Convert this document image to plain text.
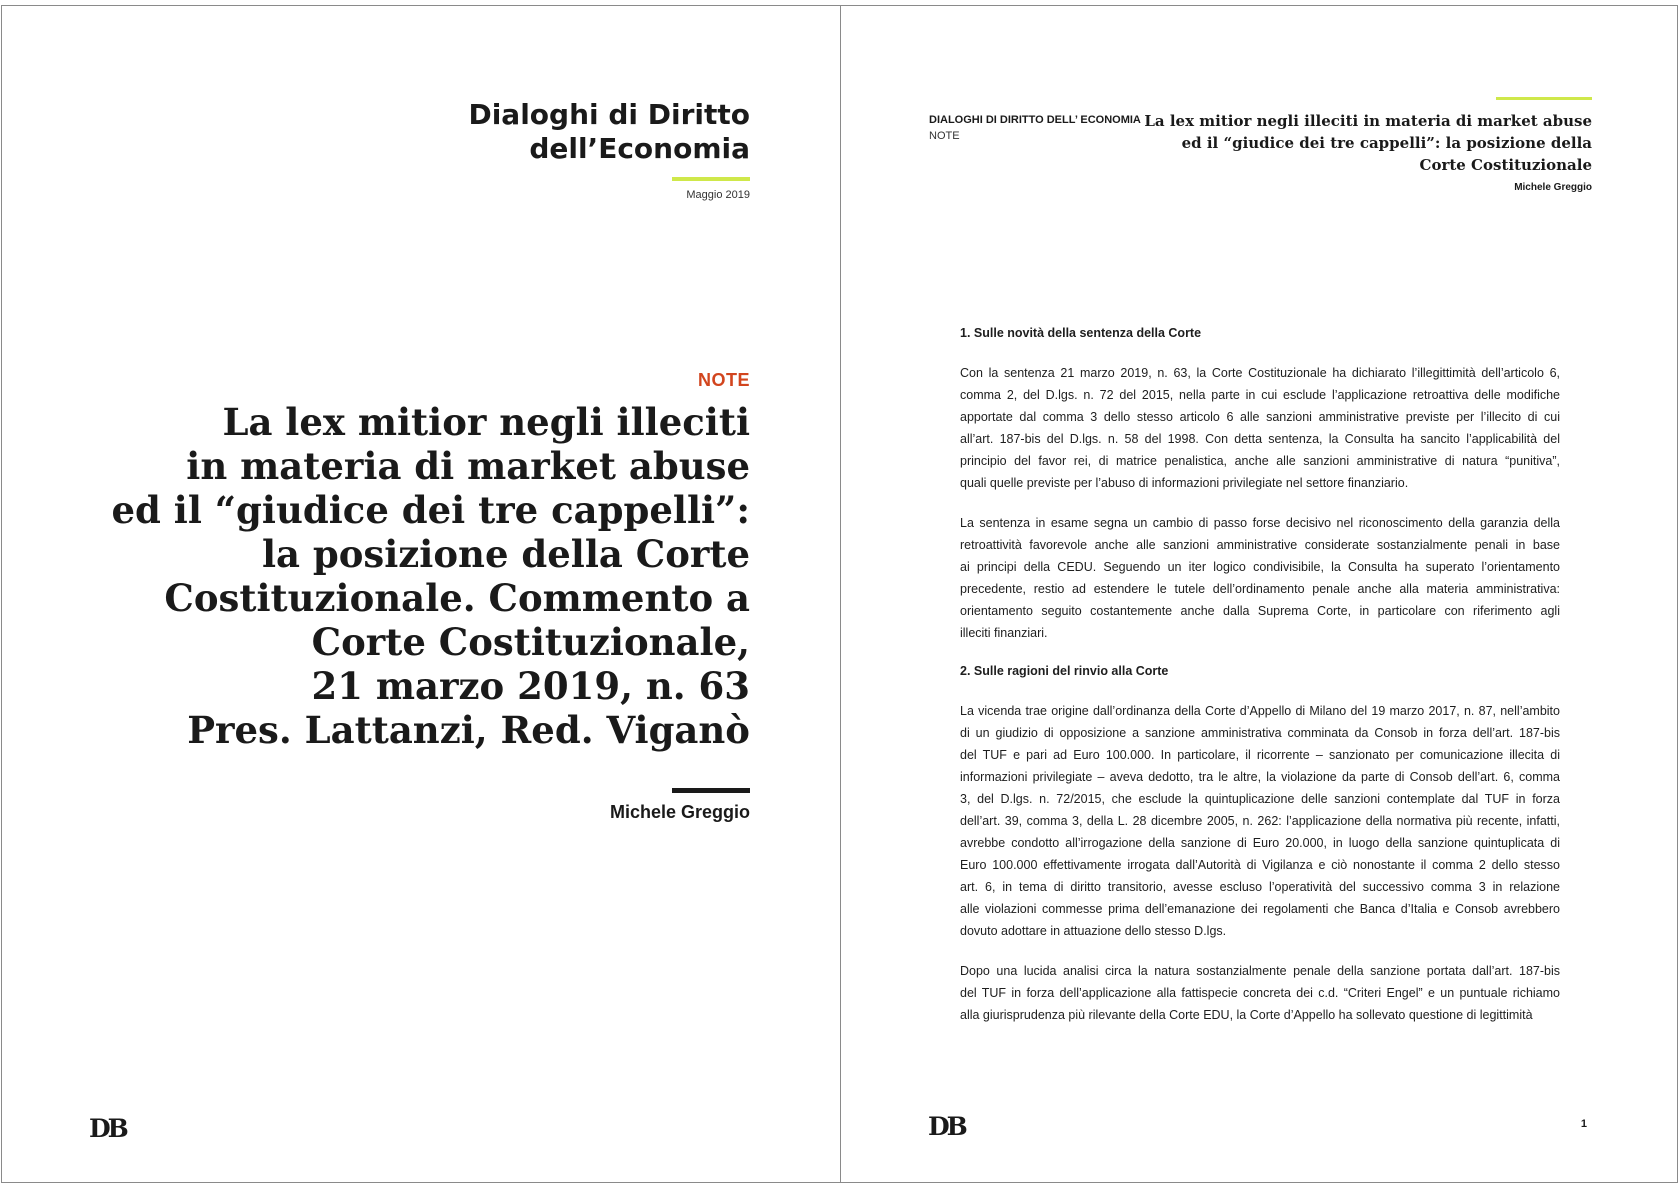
Dialoghi di Diritto
dell’Economia
Maggio 2019
NOTE
La lex mitior negli illeciti
in materia di market abuse
ed il “giudice dei tre cappelli”:
la posizione della Corte
Costituzionale. Commento a
Corte Costituzionale,
21 marzo 2019, n. 63
Pres. Lattanzi, Red. Viganò
Michele Greggio
DB
DIALOGHI DI DIRITTO DELL’ ECONOMIA
NOTE
La lex mitior negli illeciti in materia di market abuse
ed il “giudice dei tre cappelli”: la posizione della
Corte Costituzionale
Michele Greggio
1. Sulle novità della sentenza della Corte
Con la sentenza 21 marzo 2019, n. 63, la Corte Costituzionale ha dichiarato l’illegittimità dell’articolo 6,
comma 2, del D.lgs. n. 72 del 2015, nella parte in cui esclude l’applicazione retroattiva delle modifiche
apportate dal comma 3 dello stesso articolo 6 alle sanzioni amministrative previste per l’illecito di cui
all’art. 187-bis del D.lgs. n. 58 del 1998. Con detta sentenza, la Consulta ha sancito l’applicabilità del
principio del favor rei, di matrice penalistica, anche alle sanzioni amministrative di natura “punitiva”,
quali quelle previste per l’abuso di informazioni privilegiate nel settore finanziario.
La sentenza in esame segna un cambio di passo forse decisivo nel riconoscimento della garanzia della
retroattività favorevole anche alle sanzioni amministrative considerate sostanzialmente penali in base
ai principi della CEDU. Seguendo un iter logico condivisibile, la Consulta ha superato l’orientamento
precedente, restio ad estendere le tutele dell’ordinamento penale anche alla materia amministrativa:
orientamento seguito costantemente anche dalla Suprema Corte, in particolare con riferimento agli
illeciti finanziari.
2. Sulle ragioni del rinvio alla Corte
La vicenda trae origine dall’ordinanza della Corte d’Appello di Milano del 19 marzo 2017, n. 87, nell’ambito
di un giudizio di opposizione a sanzione amministrativa comminata da Consob in forza dell’art. 187-bis
del TUF e pari ad Euro 100.000. In particolare, il ricorrente – sanzionato per comunicazione illecita di
informazioni privilegiate – aveva dedotto, tra le altre, la violazione da parte di Consob dell’art. 6, comma
3, del D.lgs. n. 72/2015, che esclude la quintuplicazione delle sanzioni contemplate dal TUF in forza
dell’art. 39, comma 3, della L. 28 dicembre 2005, n. 262: l’applicazione della normativa più recente, infatti,
avrebbe condotto all’irrogazione della sanzione di Euro 20.000, in luogo della sanzione quintuplicata di
Euro 100.000 effettivamente irrogata dall’Autorità di Vigilanza e ciò nonostante il comma 2 dello stesso
art. 6, in tema di diritto transitorio, avesse escluso l’operatività del successivo comma 3 in relazione
alle violazioni commesse prima dell’emanazione dei regolamenti che Banca d’Italia e Consob avrebbero
dovuto adottare in attuazione dello stesso D.lgs.
Dopo una lucida analisi circa la natura sostanzialmente penale della sanzione portata dall’art. 187-bis
del TUF in forza dell’applicazione alla fattispecie concreta dei c.d. “Criteri Engel” e un puntuale richiamo
alla giurisprudenza più rilevante della Corte EDU, la Corte d’Appello ha sollevato questione di legittimità
DB	1
